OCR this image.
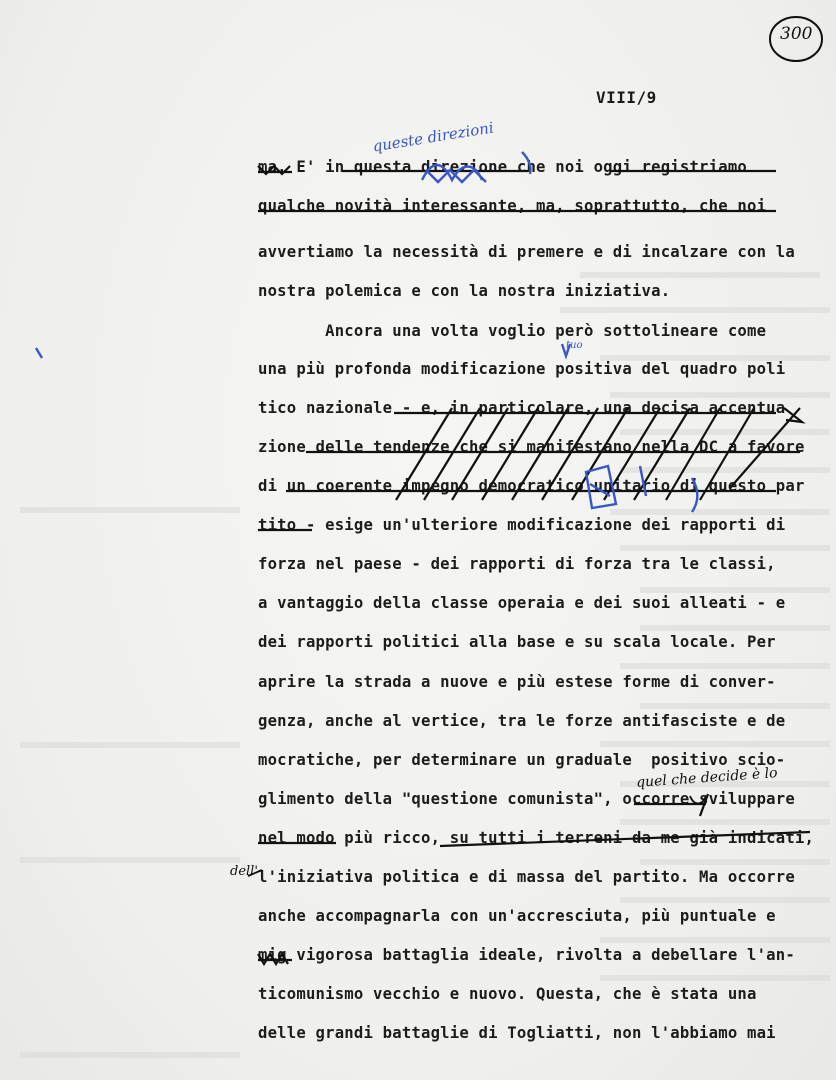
300
VIII/9
ma. E' in questa direzione che noi oggi registriamo
qualche novità interessante, ma, soprattutto, che noi
avvertiamo la necessità di premere e di incalzare con la
nostra polemica e con la nostra iniziativa.
Ancora una volta voglio però sottolineare come
una più profonda modificazione positiva del quadro poli
tico nazionale - e, in particolare, una decisa accentua
zione delle tendenze che si manifestano nella DC a favore
di un coerente impegno democratico unitario di questo par
tito - esige un'ulteriore modificazione dei rapporti di
forza nel paese - dei rapporti di forza tra le classi,
a vantaggio della classe operaia e dei suoi alleati - e
dei rapporti politici alla base e su scala locale. Per
aprire la strada a nuove e più estese forme di conver-
genza, anche al vertice, tra le forze antifasciste e de
mocratiche, per determinare un graduale  positivo scio-
glimento della "questione comunista", occorre sviluppare
nel modo più ricco, su tutti i terreni da me già indicati,
l'iniziativa politica e di massa del partito. Ma occorre
anche accompagnarla con un'accresciuta, più puntuale e
mig vigorosa battaglia ideale, rivolta a debellare l'an-
ticomunismo vecchio e nuovo. Questa, che è stata una
delle grandi battaglie di Togliatti, non l'abbiamo mai
queste direzioni
tuo
quel che decide è lo
dell'
